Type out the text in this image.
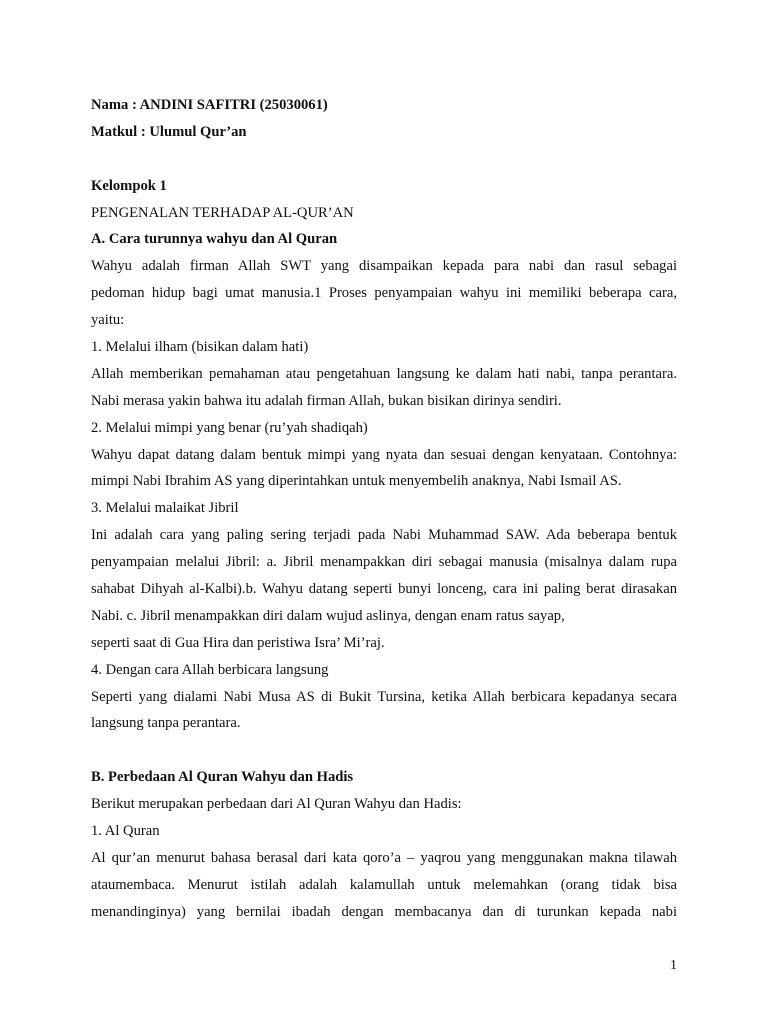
Nama : ANDINI SAFITRI (25030061)
Matkul : Ulumul Qur’an
Kelompok 1
PENGENALAN TERHADAP AL-QUR’AN
A. Cara turunnya wahyu dan Al Quran
Wahyu adalah firman Allah SWT yang disampaikan kepada para nabi dan rasul sebagai
pedoman hidup bagi umat manusia.1 Proses penyampaian wahyu ini memiliki beberapa cara,
yaitu:
1. Melalui ilham (bisikan dalam hati)
Allah memberikan pemahaman atau pengetahuan langsung ke dalam hati nabi, tanpa perantara.
Nabi merasa yakin bahwa itu adalah firman Allah, bukan bisikan dirinya sendiri.
2. Melalui mimpi yang benar (ru’yah shadiqah)
Wahyu dapat datang dalam bentuk mimpi yang nyata dan sesuai dengan kenyataan. Contohnya:
mimpi Nabi Ibrahim AS yang diperintahkan untuk menyembelih anaknya, Nabi Ismail AS.
3. Melalui malaikat Jibril
Ini adalah cara yang paling sering terjadi pada Nabi Muhammad SAW. Ada beberapa bentuk
penyampaian melalui Jibril: a. Jibril menampakkan diri sebagai manusia (misalnya dalam rupa
sahabat Dihyah al-Kalbi).b. Wahyu datang seperti bunyi lonceng, cara ini paling berat dirasakan
Nabi. c. Jibril menampakkan diri dalam wujud aslinya, dengan enam ratus sayap,
seperti saat di Gua Hira dan peristiwa Isra’ Mi’raj.
4. Dengan cara Allah berbicara langsung
Seperti yang dialami Nabi Musa AS di Bukit Tursina, ketika Allah berbicara kepadanya secara
langsung tanpa perantara.
B. Perbedaan Al Quran Wahyu dan Hadis
Berikut merupakan perbedaan dari Al Quran Wahyu dan Hadis:
1. Al Quran
Al qur’an menurut bahasa berasal dari kata qoro’a – yaqrou yang menggunakan makna tilawah
ataumembaca. Menurut istilah adalah kalamullah untuk melemahkan (orang tidak bisa
menandinginya) yang bernilai ibadah dengan membacanya dan di turunkan kepada nabi
1
